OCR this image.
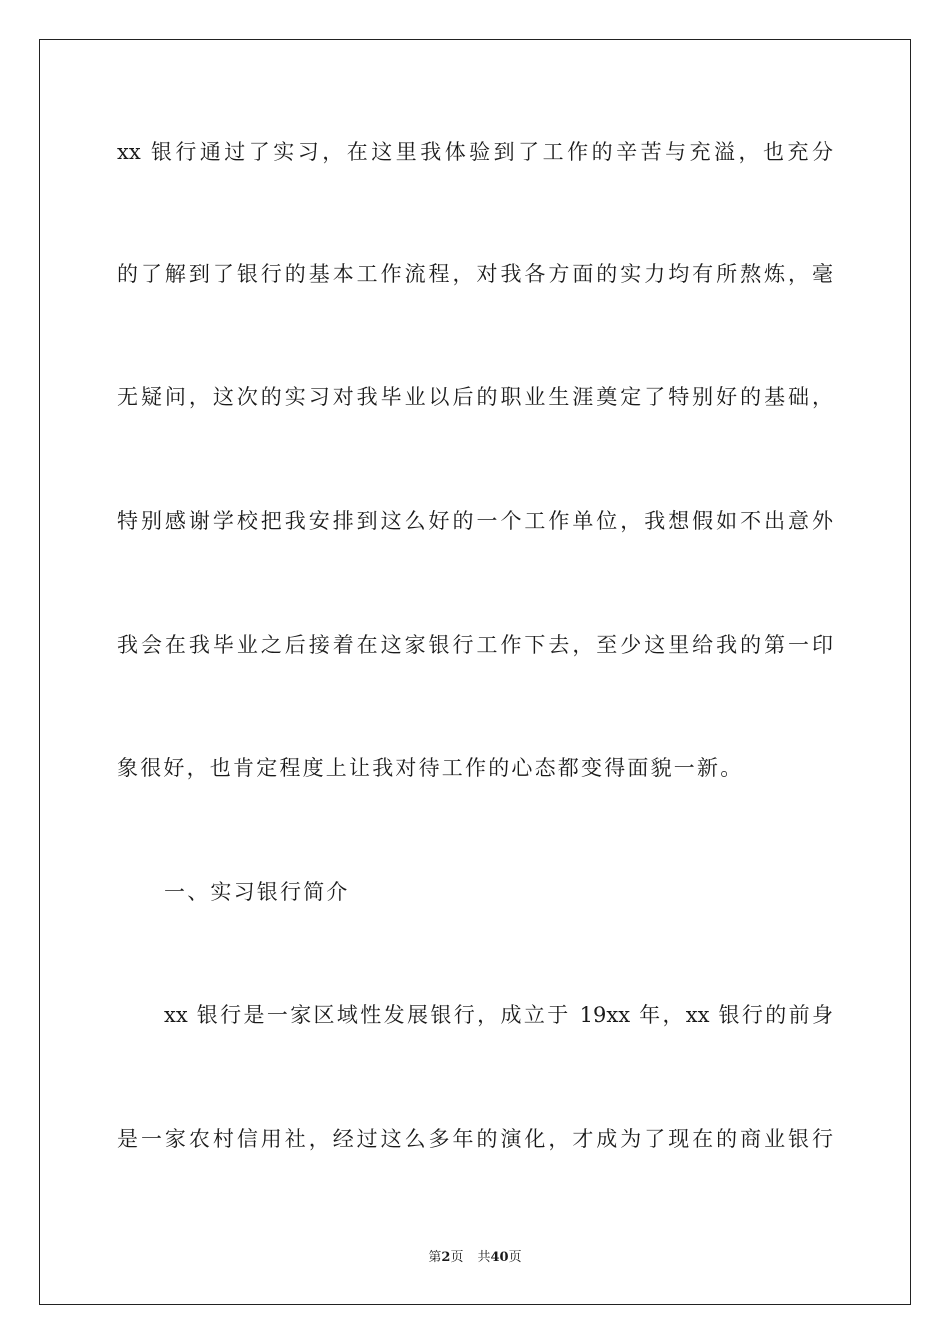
xx 银行通过了实习，在这里我体验到了工作的辛苦与充溢，也充分
的了解到了银行的基本工作流程，对我各方面的实力均有所熬炼，毫
无疑问，这次的实习对我毕业以后的职业生涯奠定了特别好的基础，
特别感谢学校把我安排到这么好的一个工作单位，我想假如不出意外
我会在我毕业之后接着在这家银行工作下去，至少这里给我的第一印
象很好，也肯定程度上让我对待工作的心态都变得面貌一新。
一、实习银行简介
xx 银行是一家区域性发展银行，成立于 19xx 年，xx 银行的前身
是一家农村信用社，经过这么多年的演化，才成为了现在的商业银行
第2页 共40页
